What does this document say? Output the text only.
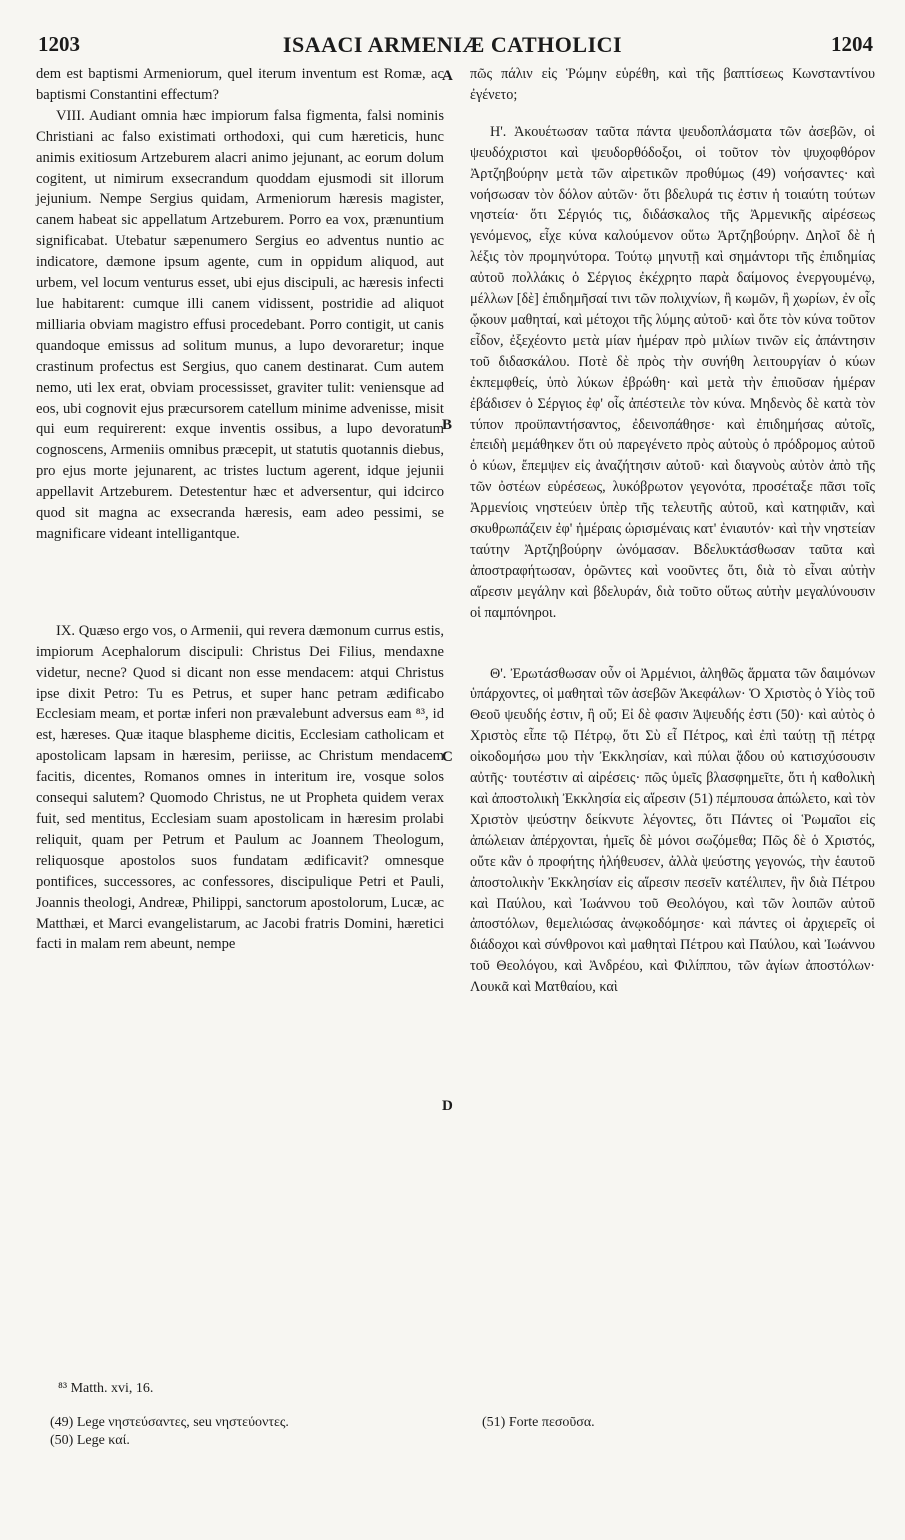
1203	ISAACI ARMENIÆ CATHOLICI	1204

dem est baptismi Armeniorum, quel iterum inventum est Romæ, ac baptismi Constantini effectum?

VIII. Audiant omnia hæc impiorum falsa figmenta, falsi nominis Christiani ac falso existimati orthodoxi, qui cum hæreticis, hunc animis exitiosum Artzeburem alacri animo jejunant, ac eorum dolum cogitent, ut nimirum exsecrandum quoddam ejusmodi sit illorum jejunium. Nempe Sergius quidam, Armeniorum hæresis magister, canem habeat sic appellatum Artzeburem. Porro ea vox, prænuntium significabat. Utebatur sæpenumero Sergius eo adventus nuntio ac indicatore, dæmone ipsum agente, cum in oppidum aliquod, aut urbem, vel locum venturus esset, ubi ejus discipuli, ac hæresis infecti lue habitarent: cumque illi canem vidissent, postridie ad aliquot milliaria obviam magistro effusi procedebant. Porro contigit, ut canis quandoque emissus ad solitum munus, a lupo devoraretur; inque crastinum profectus est Sergius, quo canem destinarat. Cum autem nemo, uti lex erat, obviam processisset, graviter tulit: veniensque ad eos, ubi cognovit ejus præcursorem catellum minime advenisse, misit qui eum requirerent: exque inventis ossibus, a lupo devoratum cognoscens, Armeniis omnibus præcepit, ut statutis quotannis diebus, pro ejus morte jejunarent, ac tristes luctum agerent, idque jejunii appellavit Artzeburem. Detestentur hæc et adversentur, qui idcirco quod sit magna ac exsecranda hæresis, eam adeo pessimi, se magnificare videant intelligantque.

IX. Quæso ergo vos, o Armenii, qui revera dæmonum currus estis, impiorum Acephalorum discipuli: Christus Dei Filius, mendaxne videtur, necne? Quod si dicant non esse mendacem: atqui Christus ipse dixit Petro: Tu es Petrus, et super hanc petram ædificabo Ecclesiam meam, et portæ inferi non prævalebunt adversus eam ⁸³, id est, hæreses. Quæ itaque blaspheme dicitis, Ecclesiam catholicam et apostolicam lapsam in hæresim, periisse, ac Christum mendacem facitis, dicentes, Romanos omnes in interitum ire, vosque solos consequi salutem? Quomodo Christus, ne ut Propheta quidem verax fuit, sed mentitus, Ecclesiam suam apostolicam in hæresim prolabi reliquit, quam per Petrum et Paulum ac Joannem Theologum, reliquosque apostolos suos fundatam ædificavit? omnesque pontifices, successores, ac confessores, discipulique Petri et Pauli, Joannis theologi, Andreæ, Philippi, sanctorum apostolorum, Lucæ, ac Matthæi, et Marci evangelistarum, ac Jacobi fratris Domini, hæretici facti in malam rem abeunt, nempe

A
B
C
D

πῶς πάλιν εἰς Ῥώμην εὑρέθη, καὶ τῆς βαπτίσεως Κωνσταντίνου ἐγένετο;

Η'. Ἀκουέτωσαν ταῦτα πάντα ψευδοπλάσματα τῶν ἀσεβῶν, οἱ ψευδόχριστοι καὶ ψευδορθόδοξοι, οἱ τοῦτον τὸν ψυχοφθόρον Ἀρτζηβούρην μετὰ τῶν αἱρετικῶν προθύμως (49) νοήσαντες· καὶ νοήσωσαν τὸν δόλον αὐτῶν· ὅτι βδελυρά τις ἐστιν ἡ τοιαύτη τούτων νηστεία· ὅτι Σέργιός τις, διδάσκαλος τῆς Ἀρμενικῆς αἱρέσεως γενόμενος, εἶχε κύνα καλούμενον οὕτω Ἀρτζηβούρην. Δηλοῖ δὲ ἡ λέξις τὸν προμηνύτορα. Τούτῳ μηνυτῇ καὶ σημάντορι τῆς ἐπιδημίας αὐτοῦ πολλάκις ὁ Σέργιος ἐκέχρητο παρὰ δαίμονος ἐνεργουμένῳ, μέλλων [δὲ] ἐπιδημῆσαί τινι τῶν πολιχνίων, ἢ κωμῶν, ἢ χωρίων, ἐν οἷς ᾤκουν μαθηταί, καὶ μέτοχοι τῆς λύμης αὐτοῦ· καὶ ὅτε τὸν κύνα τοῦτον εἶδον, ἐξεχέοντο μετὰ μίαν ἡμέραν πρὸ μιλίων τινῶν εἰς ἀπάντησιν τοῦ διδασκάλου. Ποτὲ δὲ πρὸς τὴν συνήθη λειτουργίαν ὁ κύων ἐκπεμφθείς, ὑπὸ λύκων ἐβρώθη· καὶ μετὰ τὴν ἐπιοῦσαν ἡμέραν ἐβάδισεν ὁ Σέργιος ἐφ' οἷς ἀπέστειλε τὸν κύνα. Μηδενὸς δὲ κατὰ τὸν τύπον προϋπαντήσαντος, ἐδεινοπάθησε· καὶ ἐπιδημήσας αὐτοῖς, ἐπειδὴ μεμάθηκεν ὅτι οὐ παρεγένετο πρὸς αὐτοὺς ὁ πρόδρομος αὐτοῦ ὁ κύων, ἔπεμψεν εἰς ἀναζήτησιν αὐτοῦ· καὶ διαγνοὺς αὐτὸν ἀπὸ τῆς τῶν ὀστέων εὑρέσεως, λυκόβρωτον γεγονότα, προσέταξε πᾶσι τοῖς Ἀρμενίοις νηστεύειν ὑπὲρ τῆς τελευτῆς αὐτοῦ, καὶ κατηφιᾶν, καὶ σκυθρωπάζειν ἐφ' ἡμέραις ὡρισμέναις κατ' ἐνιαυτόν· καὶ τὴν νηστείαν ταύτην Ἀρτζηβούρην ὠνόμασαν. Βδελυκτάσθωσαν ταῦτα καὶ ἀποστραφήτωσαν, ὁρῶντες καὶ νοοῦντες ὅτι, διὰ τὸ εἶναι αὐτὴν αἵρεσιν μεγάλην καὶ βδελυράν, διὰ τοῦτο οὕτως αὐτὴν μεγαλύνουσιν οἱ παμπόνηροι.

Θ'. Ἐρωτάσθωσαν οὖν οἱ Ἀρμένιοι, ἀληθῶς ἅρματα τῶν δαιμόνων ὑπάρχοντες, οἱ μαθηταὶ τῶν ἀσεβῶν Ἀκεφάλων· Ὁ Χριστὸς ὁ Υἱὸς τοῦ Θεοῦ ψευδής ἐστιν, ἢ οὔ; Εἰ δὲ φασιν Ἀψευδής ἐστι (50)· καὶ αὐτὸς ὁ Χριστὸς εἶπε τῷ Πέτρῳ, ὅτι Σὺ εἶ Πέτρος, καὶ ἐπὶ ταύτῃ τῇ πέτρᾳ οἰκοδομήσω μου τὴν Ἐκκλησίαν, καὶ πύλαι ᾅδου οὐ κατισχύσουσιν αὐτῆς· τουτέστιν αἱ αἱρέσεις· πῶς ὑμεῖς βλασφημεῖτε, ὅτι ἡ καθολικὴ καὶ ἀποστολικὴ Ἐκκλησία εἰς αἵρεσιν (51) πέμπουσα ἀπώλετο, καὶ τὸν Χριστὸν ψεύστην δείκνυτε λέγοντες, ὅτι Πάντες οἱ Ῥωμαῖοι εἰς ἀπώλειαν ἀπέρχονται, ἡμεῖς δὲ μόνοι σωζόμεθα; Πῶς δὲ ὁ Χριστός, οὔτε κἂν ὁ προφήτης ἠλήθευσεν, ἀλλὰ ψεύστης γεγονώς, τὴν ἑαυτοῦ ἀποστολικὴν Ἐκκλησίαν εἰς αἵρεσιν πεσεῖν κατέλιπεν, ἣν διὰ Πέτρου καὶ Παύλου, καὶ Ἰωάννου τοῦ Θεολόγου, καὶ τῶν λοιπῶν αὐτοῦ ἀποστόλων, θεμελιώσας ἀνῳκοδόμησε· καὶ πάντες οἱ ἀρχιερεῖς οἱ διάδοχοι καὶ σύνθρονοι καὶ μαθηταὶ Πέτρου καὶ Παύλου, καὶ Ἰωάννου τοῦ Θεολόγου, καὶ Ἀνδρέου, καὶ Φιλίππου, τῶν ἁγίων ἀποστόλων· Λουκᾶ καὶ Ματθαίου, καὶ

⁸³ Matth. xvi, 16.
(49) Lege νηστεύσαντες, seu νηστεύοντες.
(50) Lege καί.
(51) Forte πεσοῦσα.
